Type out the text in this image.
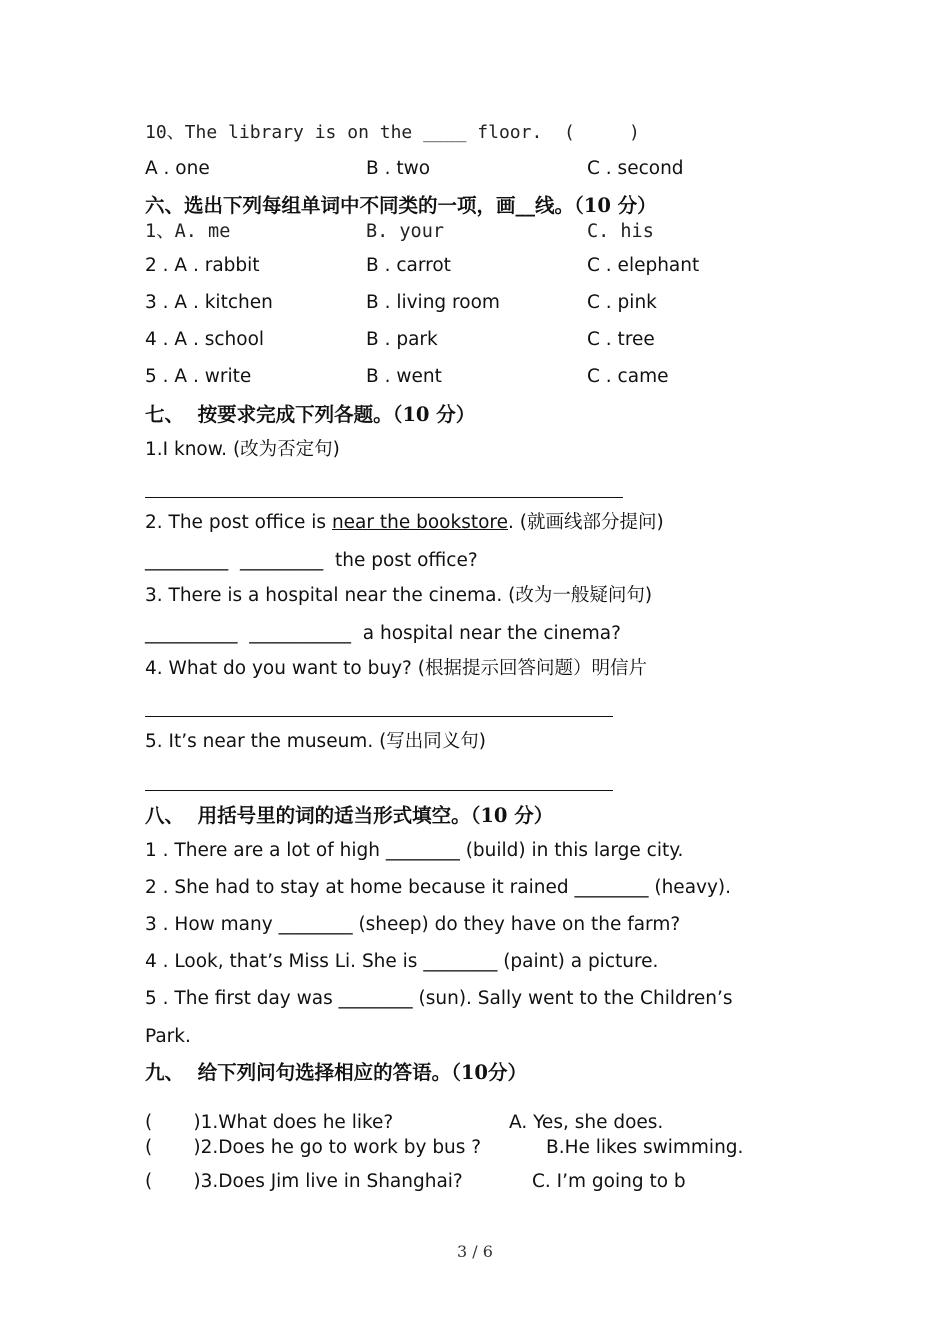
10、The library is on the ____ floor.  (     )
A . one	B . two	C . second
六、选出下列每组单词中不同类的一项，画__线。（10 分）
1、A. me	B. your	C. his
2 . A . rabbit	B . carrot	C . elephant
3 . A . kitchen	B . living room	C . pink
4 . A . school	B . park	C . tree
5 . A . write	B . went	C . came
七、  按要求完成下列各题。（10 分）
1.I know. (改为否定句)
2. The post office is near the bookstore. (就画线部分提问)
_________  _________  the post office?
3. There is a hospital near the cinema. (改为一般疑问句)
__________  ___________  a hospital near the cinema?
4. What do you want to buy? (根据提示回答问题）明信片
5. It’s near the museum. (写出同义句)
八、  用括号里的词的适当形式填空。（10 分）
1 . There are a lot of high ________ (build) in this large city.
2 . She had to stay at home because it rained ________ (heavy).
3 . How many ________ (sheep) do they have on the farm?
4 . Look, that’s Miss Li. She is ________ (paint) a picture.
5 . The first day was ________ (sun). Sally went to the Children’s
Park.
九、  给下列问句选择相应的答语。（10分）
(       )1.What does he like?	A. Yes, she does.
(       )2.Does he go to work by bus ?	B.He likes swimming.
(       )3.Does Jim live in Shanghai?	C. I’m going to b
3 / 6
